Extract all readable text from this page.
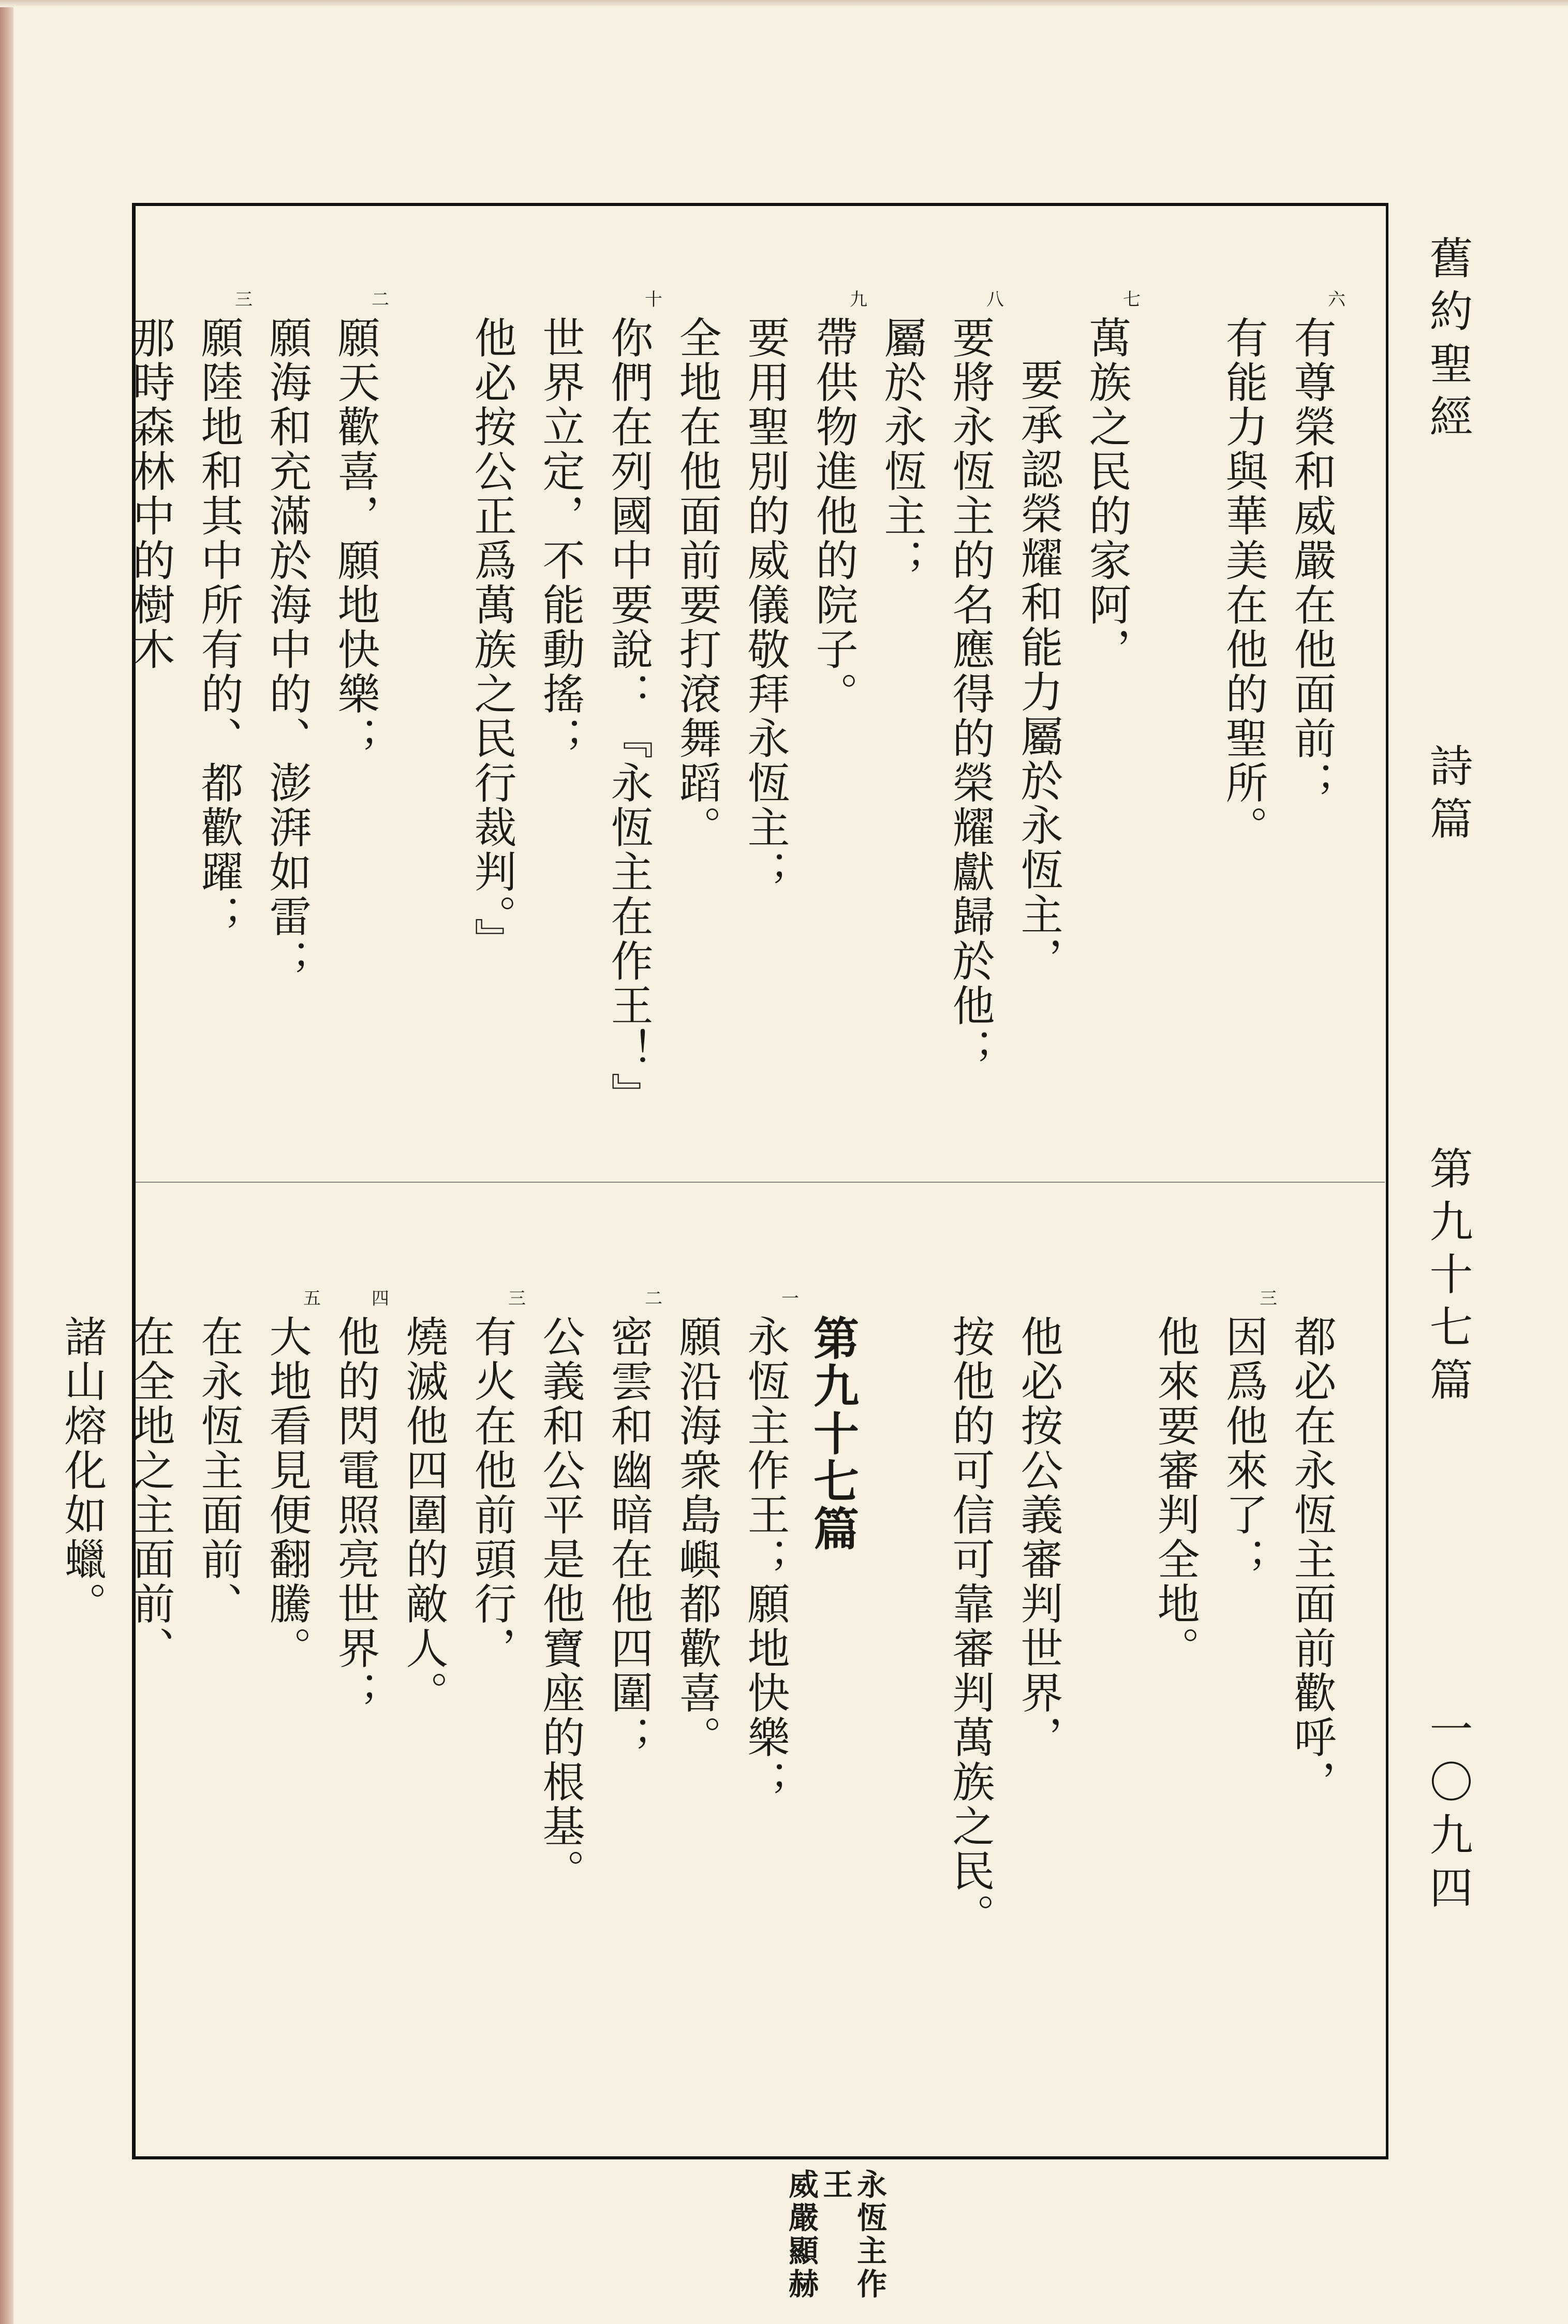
舊約聖經
詩篇
第九十七篇
一〇九四
六

有尊榮和威嚴在他面前；

有能力與華美在他的聖所。

七

萬族之民的家阿，

要承認榮耀和能力屬於永恆主，

八

要將永恆主的名應得的榮耀獻歸於他；

屬於永恆主；

九

帶供物進他的院子。

要用聖別的威儀敬拜永恆主；

全地在他面前要打滾舞蹈。

十

你們在列國中要說：『永恆主在作王！』

世界立定，不能動搖；

他必按公正爲萬族之民行裁判。』

二

願天歡喜，願地快樂；

願海和充滿於海中的、澎湃如雷；

三

願陸地和其中所有的、都歡躍；

那時森林中的樹木

都必在永恆主面前歡呼，

三

因爲他來了；

他來要審判全地。

他必按公義審判世界，

按他的可信可靠審判萬族之民。

第九十七篇

一

永恆主作王；願地快樂；

願沿海衆島嶼都歡喜。

二

密雲和幽暗在他四圍；

公義和公平是他寶座的根基。

三

有火在他前頭行，

燒滅他四圍的敵人。

四

他的閃電照亮世界；

五

大地看見便翻騰。

在永恆主面前、

在全地之主面前、

諸山熔化如蠟。

永恆主作

王

威嚴顯赫
